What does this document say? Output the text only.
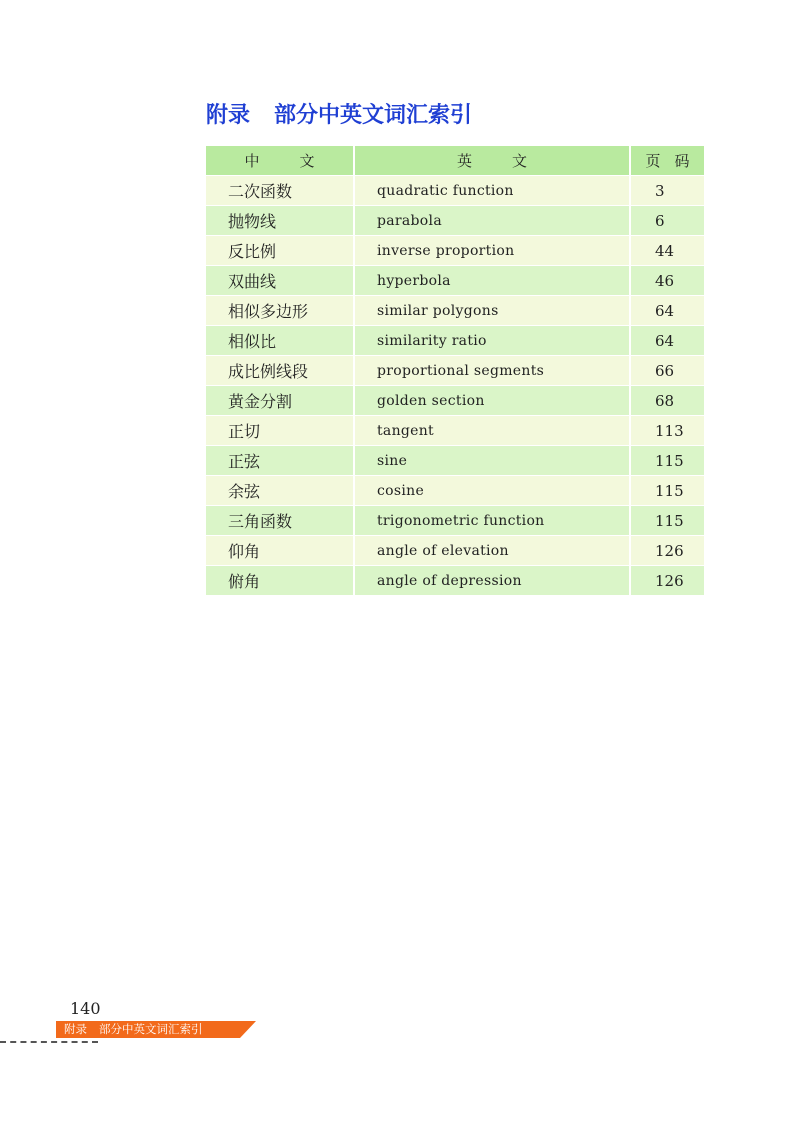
附录 部分中英文词汇索引
中文	英文	页码
二次函数	quadratic function	3
抛物线	parabola	6
反比例	inverse proportion	44
双曲线	hyperbola	46
相似多边形	similar polygons	64
相似比	similarity ratio	64
成比例线段	proportional segments	66
黄金分割	golden section	68
正切	tangent	113
正弦	sine	115
余弦	cosine	115
三角函数	trigonometric function	115
仰角	angle of elevation	126
俯角	angle of depression	126
140
附录 部分中英文词汇索引
